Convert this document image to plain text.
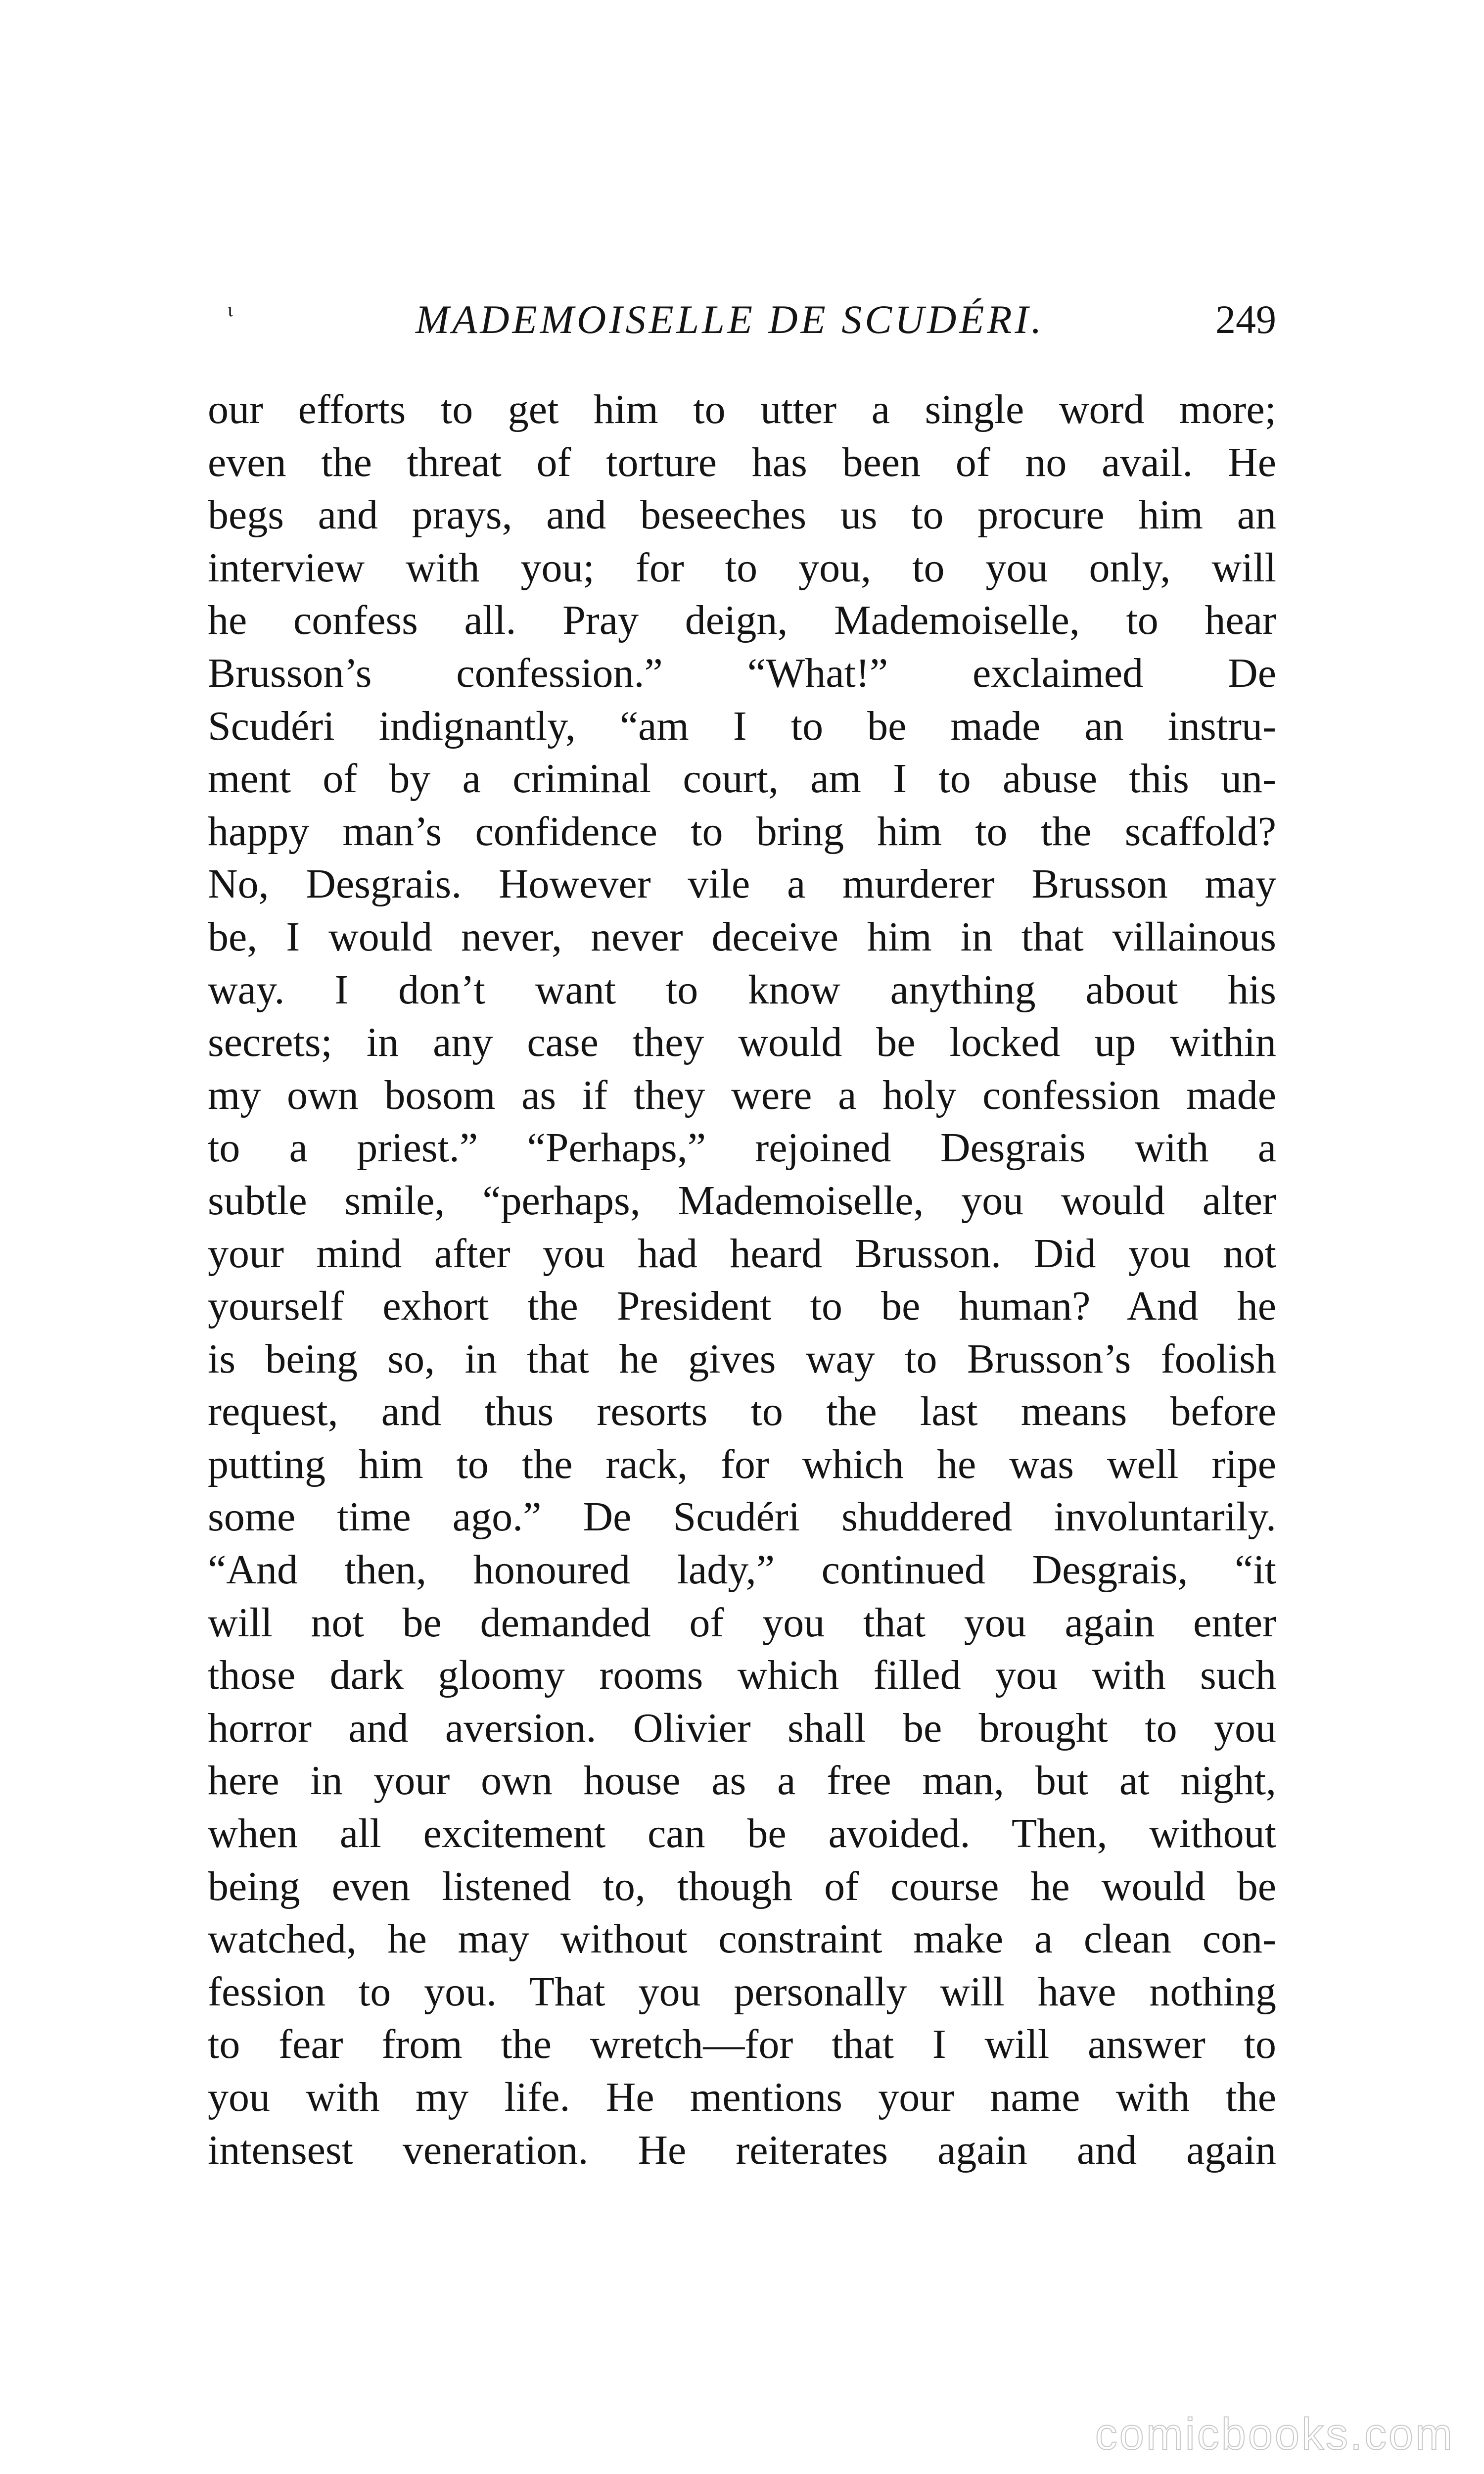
ι	MADEMOISELLE DE SCUDÉRI.	249
our efforts to get him to utter a single word more;
even the threat of torture has been of no avail. He
begs and prays, and beseeches us to procure him an
interview with you; for to you, to you only, will
he confess all. Pray deign, Mademoiselle, to hear
Brusson’s confession.” “What!” exclaimed De
Scudéri indignantly, “am I to be made an instru-
ment of by a criminal court, am I to abuse this un-
happy man’s confidence to bring him to the scaffold?
No, Desgrais. However vile a murderer Brusson may
be, I would never, never deceive him in that villainous
way. I don’t want to know anything about his
secrets; in any case they would be locked up within
my own bosom as if they were a holy confession made
to a priest.” “Perhaps,” rejoined Desgrais with a
subtle smile, “perhaps, Mademoiselle, you would alter
your mind after you had heard Brusson. Did you not
yourself exhort the President to be human? And he
is being so, in that he gives way to Brusson’s foolish
request, and thus resorts to the last means before
putting him to the rack, for which he was well ripe
some time ago.” De Scudéri shuddered involuntarily.
“And then, honoured lady,” continued Desgrais, “it
will not be demanded of you that you again enter
those dark gloomy rooms which filled you with such
horror and aversion. Olivier shall be brought to you
here in your own house as a free man, but at night,
when all excitement can be avoided. Then, without
being even listened to, though of course he would be
watched, he may without constraint make a clean con-
fession to you. That you personally will have nothing
to fear from the wretch—for that I will answer to
you with my life. He mentions your name with the
intensest veneration. He reiterates again and again
comicbooks.com
